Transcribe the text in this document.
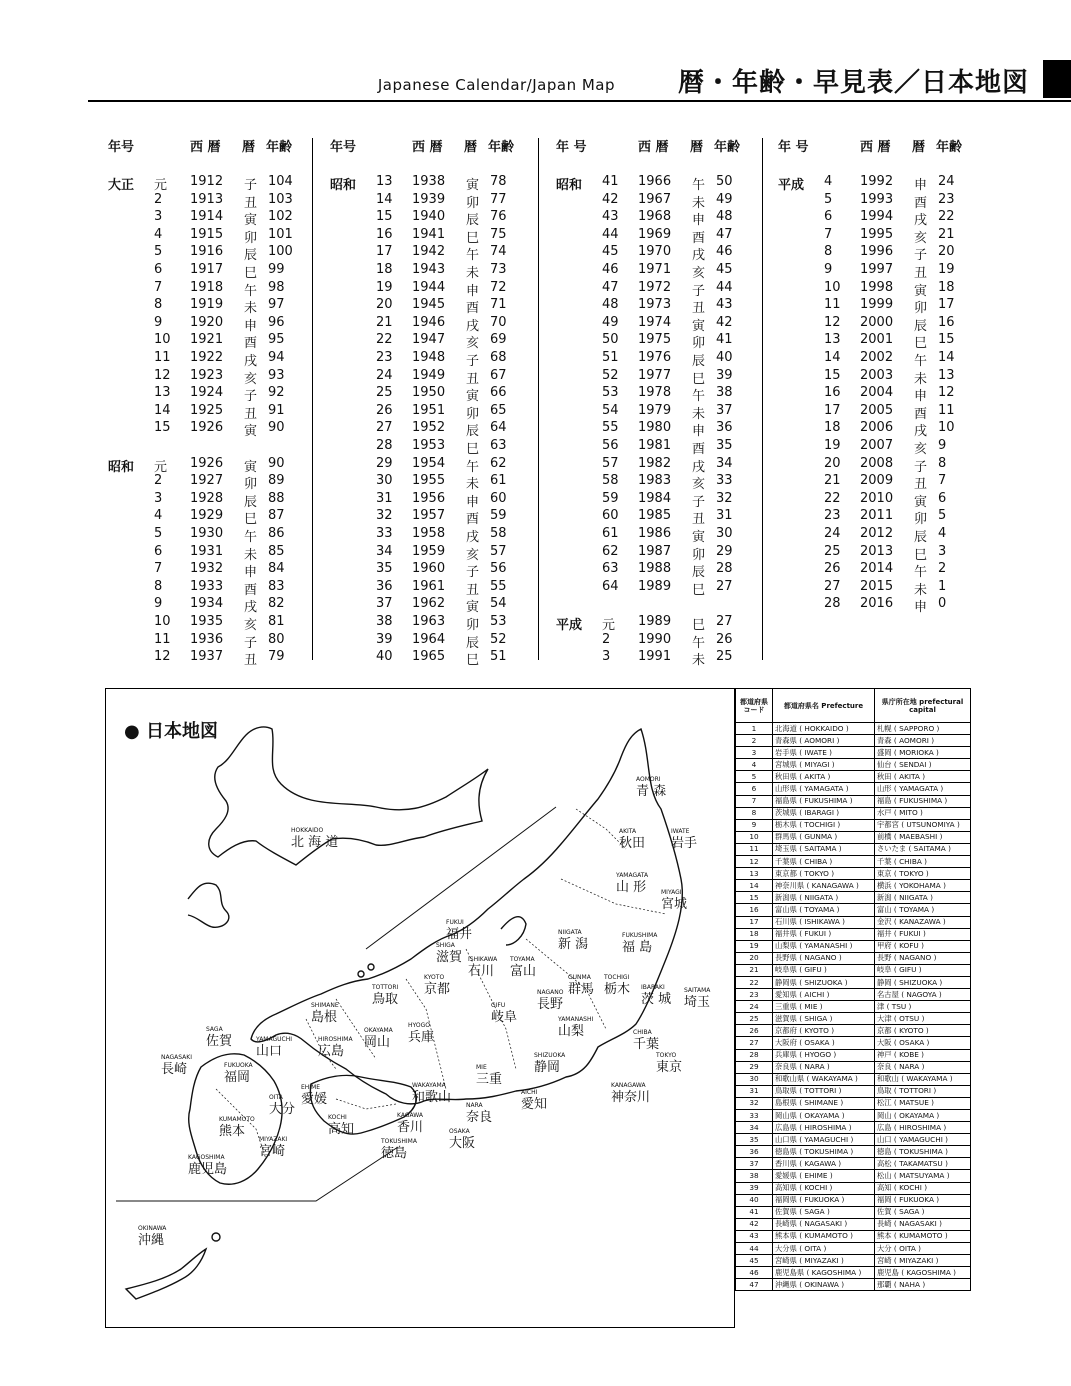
Japanese Calendar/Japan Map 暦・年齢・早見表／日本地図
年号	西 暦 暦 年齢
大正 元 1912 子 104
2 1913 丑 103
3 1914 寅 102
4 1915 卯 101
5 1916 辰 100
6 1917 巳 99
7 1918 午 98
8 1919 未 97
9 1920 申 96
10 1921 酉 95
11 1922 戌 94
12 1923 亥 93
13 1924 子 92
14 1925 丑 91
15 1926 寅 90
昭和 元 1926 寅 90
2 1927 卯 89
3 1928 辰 88
4 1929 巳 87
5 1930 午 86
6 1931 未 85
7 1932 申 84
8 1933 酉 83
9 1934 戌 82
10 1935 亥 81
11 1936 子 80
12 1937 丑 79
年号	西 暦 暦 年齢
昭和 13 1938 寅 78
14 1939 卯 77
15 1940 辰 76
16 1941 巳 75
17 1942 午 74
18 1943 未 73
19 1944 申 72
20 1945 酉 71
21 1946 戌 70
22 1947 亥 69
23 1948 子 68
24 1949 丑 67
25 1950 寅 66
26 1951 卯 65
27 1952 辰 64
28 1953 巳 63
29 1954 午 62
30 1955 未 61
31 1956 申 60
32 1957 酉 59
33 1958 戌 58
34 1959 亥 57
35 1960 子 56
36 1961 丑 55
37 1962 寅 54
38 1963 卯 53
39 1964 辰 52
40 1965 巳 51
年 号	西 暦 暦 年齢
昭和 41 1966 午 50
42 1967 未 49
43 1968 申 48
44 1969 酉 47
45 1970 戌 46
46 1971 亥 45
47 1972 子 44
48 1973 丑 43
49 1974 寅 42
50 1975 卯 41
51 1976 辰 40
52 1977 巳 39
53 1978 午 38
54 1979 未 37
55 1980 申 36
56 1981 酉 35
57 1982 戌 34
58 1983 亥 33
59 1984 子 32
60 1985 丑 31
61 1986 寅 30
62 1987 卯 29
63 1988 辰 28
64 1989 巳 27
平成 元 1989 巳 27
2 1990 午 26
3 1991 未 25
年 号	西 暦 暦 年齢
平成 4 1992 申 24
5 1993 酉 23
6 1994 戌 22
7 1995 亥 21
8 1996 子 20
9 1997 丑 19
10 1998 寅 18
11 1999 卯 17
12 2000 辰 16
13 2001 巳 15
14 2002 午 14
15 2003 未 13
16 2004 申 12
17 2005 酉 11
18 2006 戌 10
19 2007 亥 9
20 2008 子 8
21 2009 丑 7
22 2010 寅 6
23 2011 卯 5
24 2012 辰 4
25 2013 巳 3
26 2014 午 2
27 2015 未 1
28 2016 申 0
● 日本地図
HOKKAIDO
北 海 道
AOMORI
青 森
AKITA
秋田
IWATE
岩手
YAMAGATA
山 形 MIYAGI
宮城
NIIGATA
新 潟
FUKUSHIMA
福 島
FUKUI
福井
ISHIKAWA
石川
TOYAMA
富山
SHIGA
滋賀
KYOTO
京都
GUNMA
群馬
TOCHIGI
栃木 IBARAKI
茨 城
SAITAMA
埼玉
NAGANO
長野
GIFU
岐阜	YAMANASHI
山梨
TOTTORI
鳥取
SHIMANE
島根
OKAYAMA
岡山
HYOGO
兵庫
HIROSHIMA
広島
YAMAGUCHI
山口
CHIBA
千葉
TOKYO
東京
SHIZUOKA
静岡
MIE
三重
AICHI
愛知
KANAGAWA
神奈川
NARA
奈良
OSAKA
大阪
WAKAYAMA
和歌山
KAGAWA
香川
TOKUSHIMA
徳島
KOCHI
高知
EHIME
愛媛
SAGA
佐賀
NAGASAKI
長崎	FUKUOKA
福岡
OITA
大分
KUMAMOTO
熊本
MIYAZAKI
宮崎
KAGOSHIMA
鹿児島
OKINAWA
沖縄
都道府県コード	都道府県名 Prefecture	県庁所在地 prefectural capital
1	北海道 ( HOKKAIDO )	札幌 ( SAPPORO )
2	青森県 ( AOMORI )	青森 ( AOMORI )
3	岩手県 ( IWATE )	盛岡 ( MORIOKA )
4	宮城県 ( MIYAGI )	仙台 ( SENDAI )
5	秋田県 ( AKITA )	秋田 ( AKITA )
6	山形県 ( YAMAGATA )	山形 ( YAMAGATA )
7	福島県 ( FUKUSHIMA )	福島 ( FUKUSHIMA )
8	茨城県 ( IBARAGI )	水戸 ( MITO )
9	栃木県 ( TOCHIGI )	宇都宮 ( UTSUNOMIYA )
10	群馬県 ( GUNMA )	前橋 ( MAEBASHI )
11	埼玉県 ( SAITAMA )	さいたま ( SAITAMA )
12	千葉県 ( CHIBA )	千葉 ( CHIBA )
13	東京都 ( TOKYO )	東京 ( TOKYO )
14	神奈川県 ( KANAGAWA )	横浜 ( YOKOHAMA )
15	新潟県 ( NIIGATA )	新潟 ( NIIGATA )
16	富山県 ( TOYAMA )	富山 ( TOYAMA )
17	石川県 ( ISHIKAWA )	金沢 ( KANAZAWA )
18	福井県 ( FUKUI )	福井 ( FUKUI )
19	山梨県 ( YAMANASHI )	甲府 ( KOFU )
20	長野県 ( NAGANO )	長野 ( NAGANO )
21	岐阜県 ( GIFU )	岐阜 ( GIFU )
22	静岡県 ( SHIZUOKA )	静岡 ( SHIZUOKA )
23	愛知県 ( AICHI )	名古屋 ( NAGOYA )
24	三重県 ( MIE )	津 ( TSU )
25	滋賀県 ( SHIGA )	大津 ( OTSU )
26	京都府 ( KYOTO )	京都 ( KYOTO )
27	大阪府 ( OSAKA )	大阪 ( OSAKA )
28	兵庫県 ( HYOGO )	神戸 ( KOBE )
29	奈良県 ( NARA )	奈良 ( NARA )
30	和歌山県 ( WAKAYAMA )	和歌山 ( WAKAYAMA )
31	鳥取県 ( TOTTORI )	鳥取 ( TOTTORI )
32	島根県 ( SHIMANE )	松江 ( MATSUE )
33	岡山県 ( OKAYAMA )	岡山 ( OKAYAMA )
34	広島県 ( HIROSHIMA )	広島 ( HIROSHIMA )
35	山口県 ( YAMAGUCHI )	山口 ( YAMAGUCHI )
36	徳島県 ( TOKUSHIMA )	徳島 ( TOKUSHIMA )
37	香川県 ( KAGAWA )	高松 ( TAKAMATSU )
38	愛媛県 ( EHIME )	松山 ( MATSUYAMA )
39	高知県 ( KOCHI )	高知 ( KOCHI )
40	福岡県 ( FUKUOKA )	福岡 ( FUKUOKA )
41	佐賀県 ( SAGA )	佐賀 ( SAGA )
42	長崎県 ( NAGASAKI )	長崎 ( NAGASAKI )
43	熊本県 ( KUMAMOTO )	熊本 ( KUMAMOTO )
44	大分県 ( OITA )	大分 ( OITA )
45	宮崎県 ( MIYAZAKI )	宮崎 ( MIYAZAKI )
46	鹿児島県 ( KAGOSHIMA )	鹿児島 ( KAGOSHIMA )
47	沖縄県 ( OKINAWA )	那覇 ( NAHA )
